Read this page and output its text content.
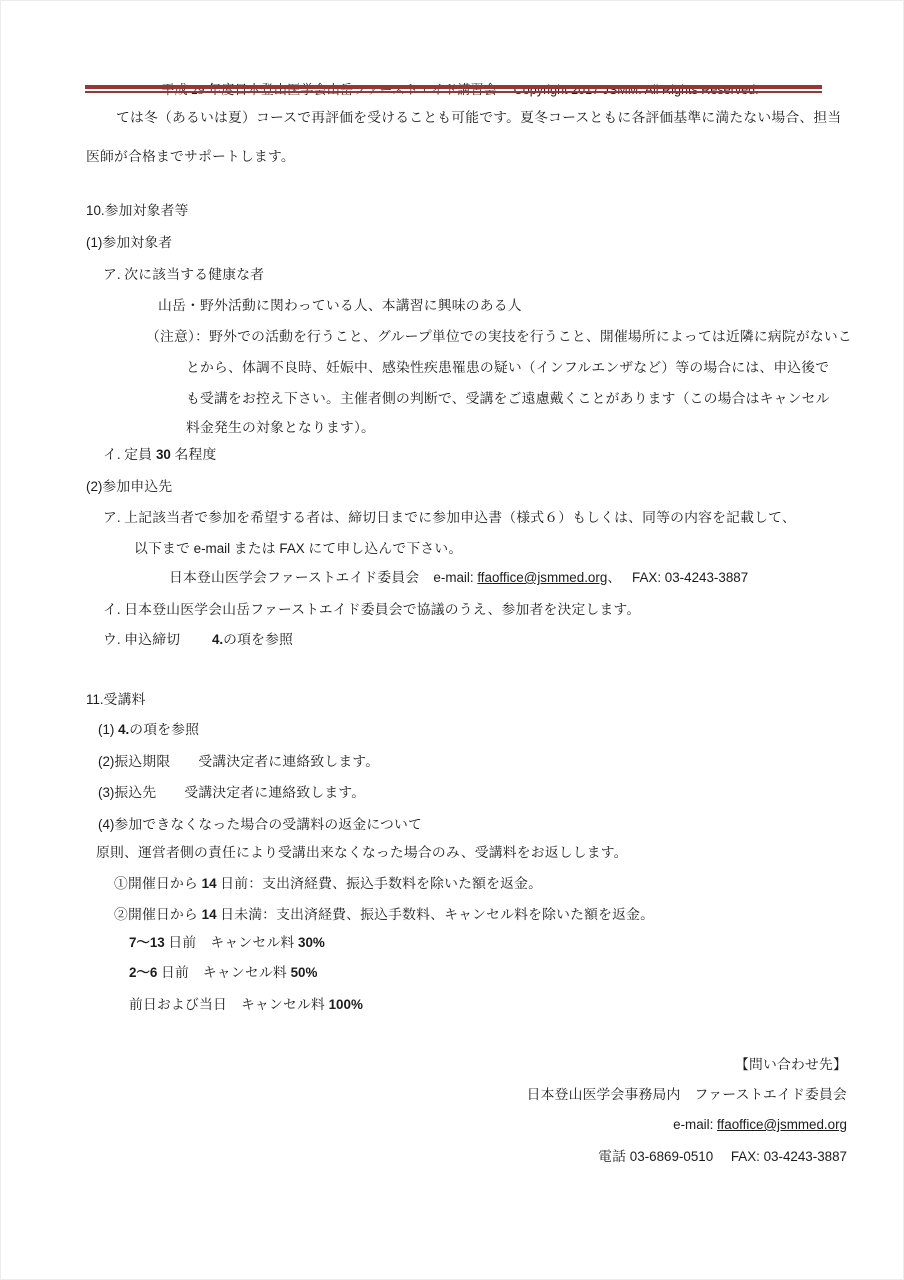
平成 29 年度日本登山医学会山岳ファーストエイド講習会　 Copyright 2017 JSMM. All Rights Reserved.

ては冬（あるいは夏）コースで再評価を受けることも可能です。夏冬コースともに各評価基準に満たない場合、担当
医師が合格までサポートします。
10.参加対象者等
(1)参加対象者
ア. 次に該当する健康な者
山岳・野外活動に関わっている人、本講習に興味のある人
（注意）：野外での活動を行うこと、グループ単位での実技を行うこと、開催場所によっては近隣に病院がないこ
とから、体調不良時、妊娠中、感染性疾患罹患の疑い（インフルエンザなど）等の場合には、申込後で
も受講をお控え下さい。主催者側の判断で、受講をご遠慮戴くことがあります（この場合はキャンセル
料金発生の対象となります）。
イ. 定員 30 名程度
(2)参加申込先
ア. 上記該当者で参加を希望する者は、締切日までに参加申込書（様式６）もしくは、同等の内容を記載して、
以下まで e-mail または FAX にて申し込んで下さい。
日本登山医学会ファーストエイド委員会　e-mail: ffaoffice@jsmmed.org、　 FAX: 03-4243-3887
イ. 日本登山医学会山岳ファーストエイド委員会で協議のうえ、参加者を決定します。
ウ. 申込締切　　 4.の項を参照
11.受講料
(1) 4.の項を参照
(2)振込期限　　受講決定者に連絡致します。
(3)振込先　　受講決定者に連絡致します。
(4)参加できなくなった場合の受講料の返金について
原則、運営者側の責任により受講出来なくなった場合のみ、受講料をお返しします。
①開催日から 14 日前：支出済経費、振込手数料を除いた額を返金。
②開催日から 14 日未満：支出済経費、振込手数料、キャンセル料を除いた額を返金。
7～13 日前　キャンセル料 30%
2～6 日前　キャンセル料 50%
前日および当日　キャンセル料 100%
【問い合わせ先】
日本登山医学会事務局内　ファーストエイド委員会
e-mail: ffaoffice@jsmmed.org
電話 03-6869-0510　 FAX: 03-4243-3887
